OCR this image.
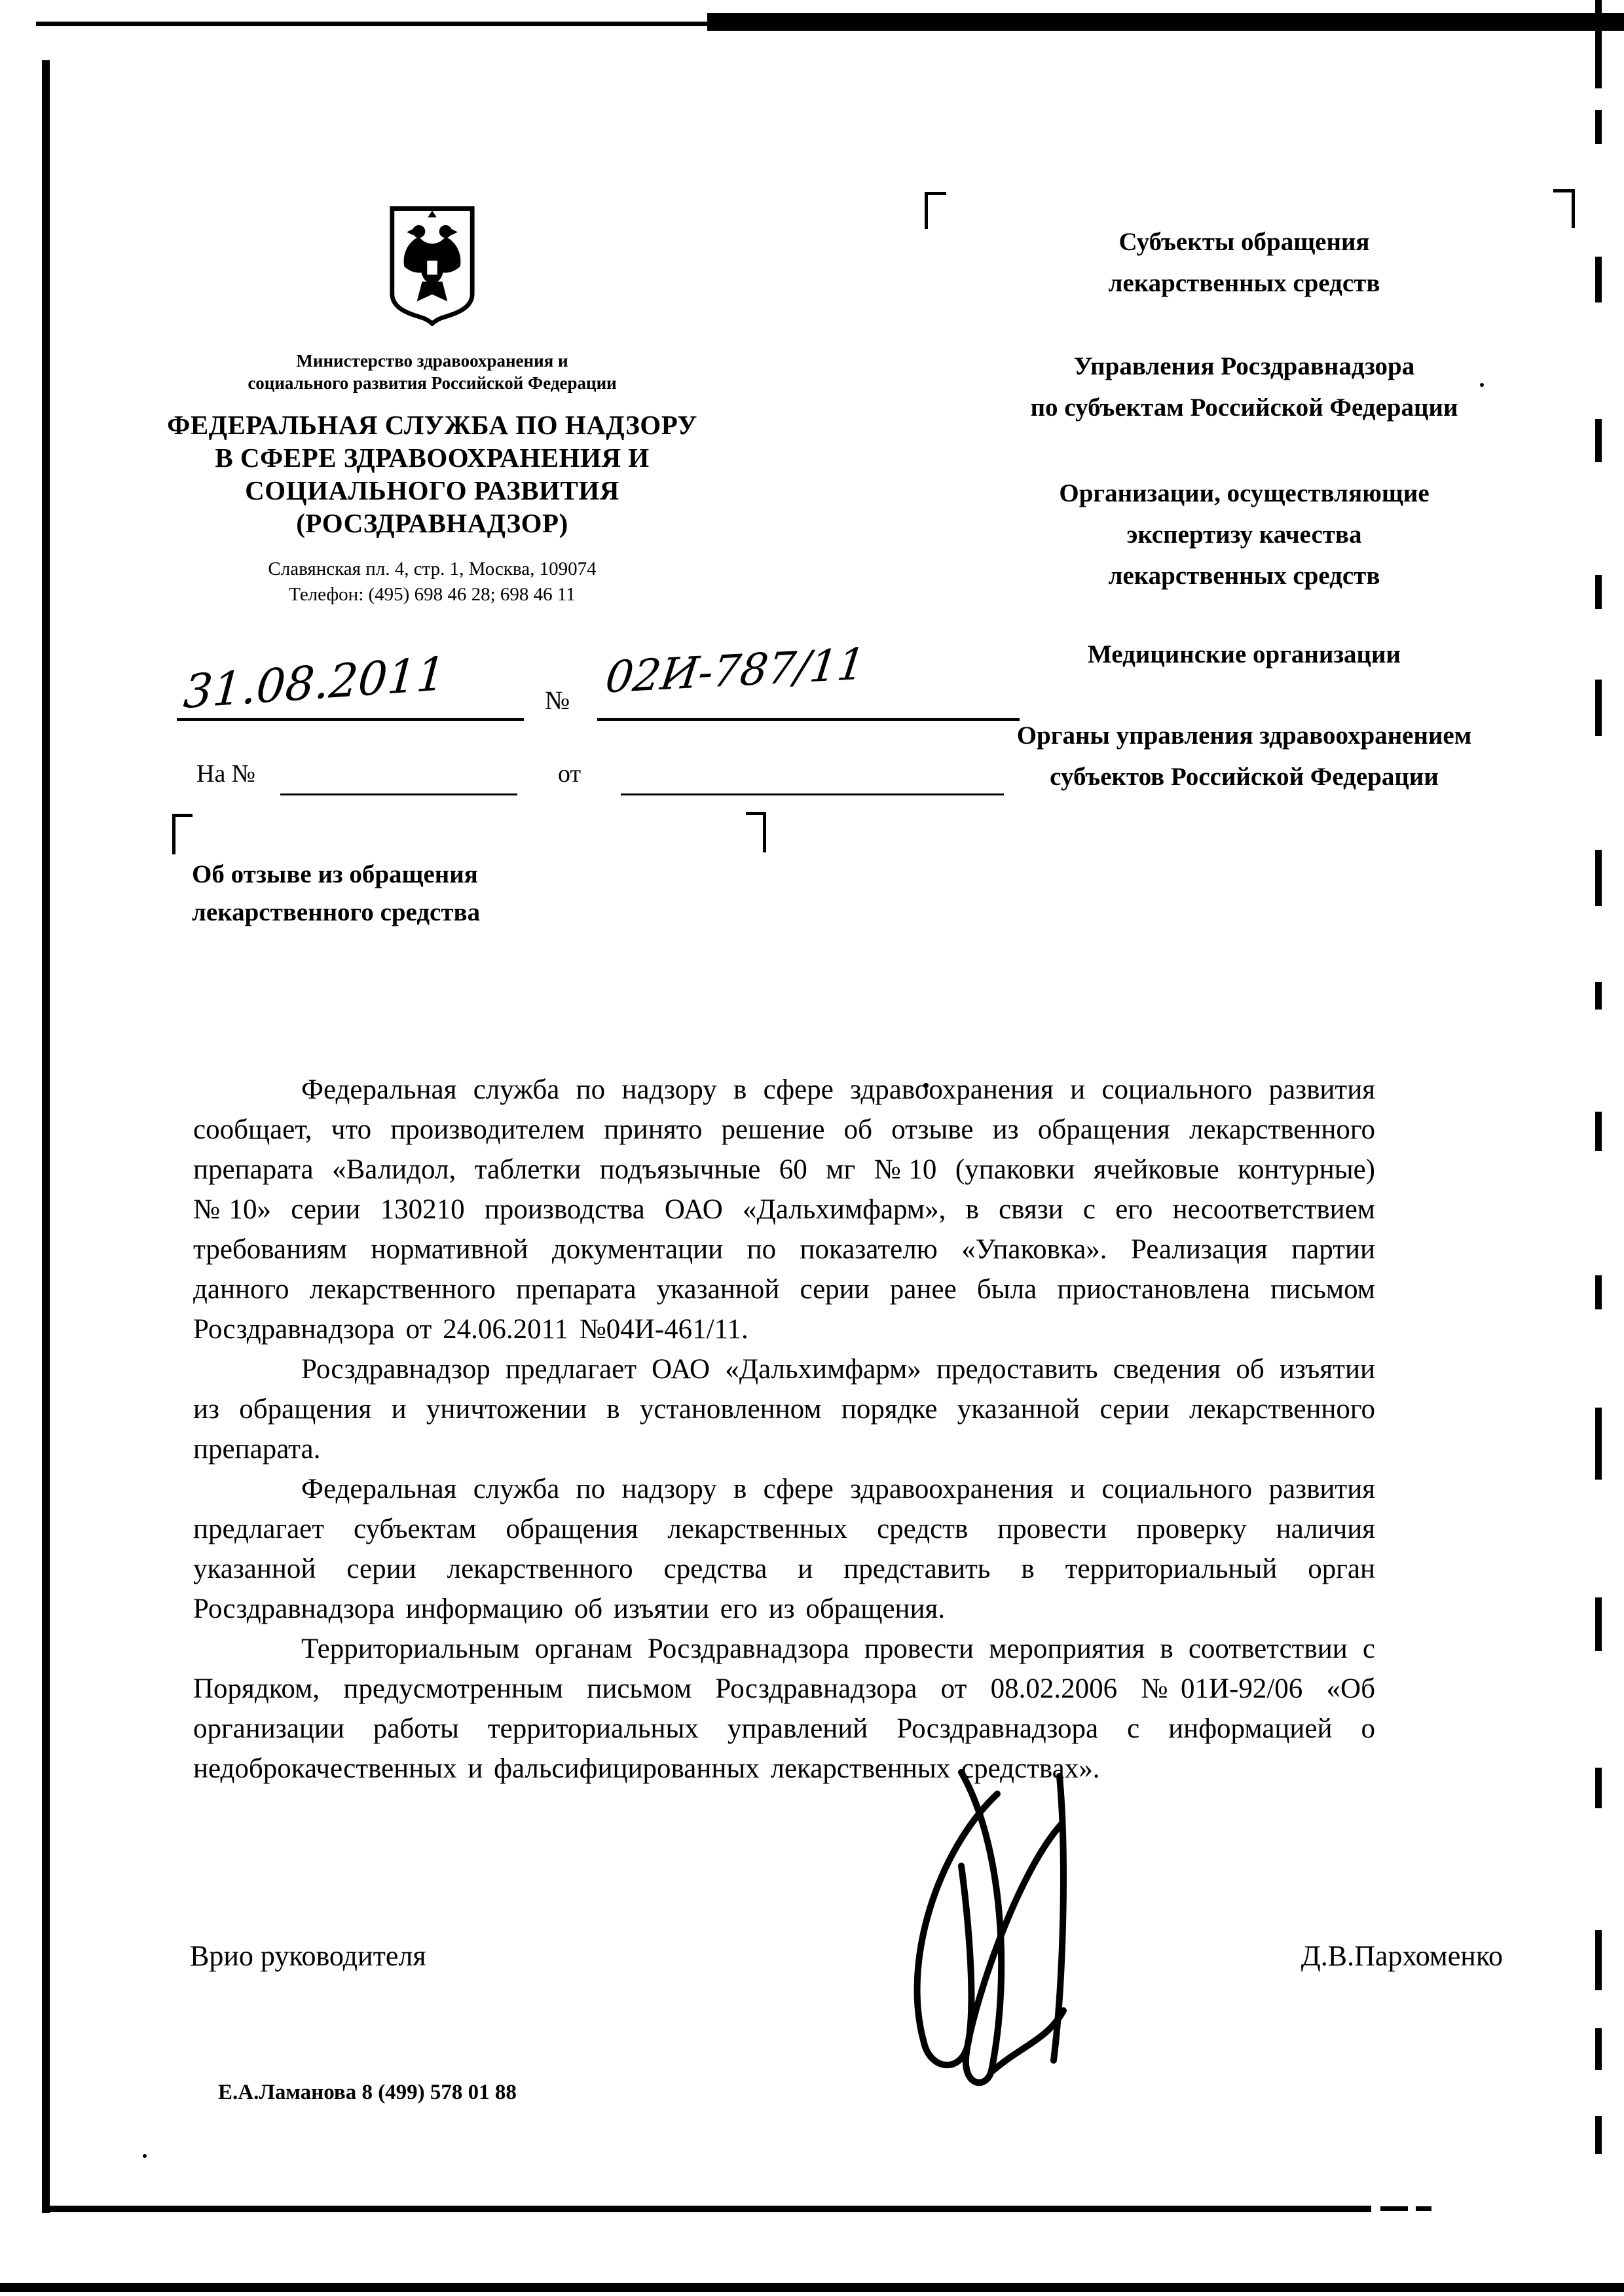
Министерство здравоохранения и
социального развития Российской Федерации
ФЕДЕРАЛЬНАЯ СЛУЖБА ПО НАДЗОРУ
В СФЕРЕ ЗДРАВООХРАНЕНИЯ И
СОЦИАЛЬНОГО РАЗВИТИЯ
(РОСЗДРАВНАДЗОР)
Славянская пл. 4, стр. 1, Москва, 109074
Телефон: (495) 698 46 28; 698 46 11
31.08.2011	№ 02И-787/11
На №	от
Субъекты обращения
лекарственных средств
Управления Росздравнадзора
по субъектам Российской Федерации
Организации, осуществляющие
экспертизу качества
лекарственных средств
Медицинские организации
Органы управления здравоохранением
субъектов Российской Федерации
Об отзыве из обращения
лекарственного средства

Федеральная служба по надзору в сфере здравоохранения и социального развития сообщает, что производителем принято решение об отзыве из обращения лекарственного препарата «Валидол, таблетки подъязычные 60 мг №10 (упаковки ячейковые контурные) №10» серии 130210 производства ОАО «Дальхимфарм», в связи с его несоответствием требованиям нормативной документации по показателю «Упаковка». Реализация партии данного лекарственного препарата указанной серии ранее была приостановлена письмом Росздравнадзора от 24.06.2011 №04И-461/11.

Росздравнадзор предлагает ОАО «Дальхимфарм» предоставить сведения об изъятии из обращения и уничтожении в установленном порядке указанной серии лекарственного препарата.

Федеральная служба по надзору в сфере здравоохранения и социального развития предлагает субъектам обращения лекарственных средств провести проверку наличия указанной серии лекарственного средства и представить в территориальный орган Росздравнадзора информацию об изъятии его из обращения.

Территориальным органам Росздравнадзора провести мероприятия в соответствии с Порядком, предусмотренным письмом Росздравнадзора от 08.02.2006 №01И-92/06 «Об организации работы территориальных управлений Росздравнадзора с информацией о недоброкачественных и фальсифицированных лекарственных средствах».

Врио руководителя	Д.В.Пархоменко
Е.А.Ламанова 8 (499) 578 01 88
